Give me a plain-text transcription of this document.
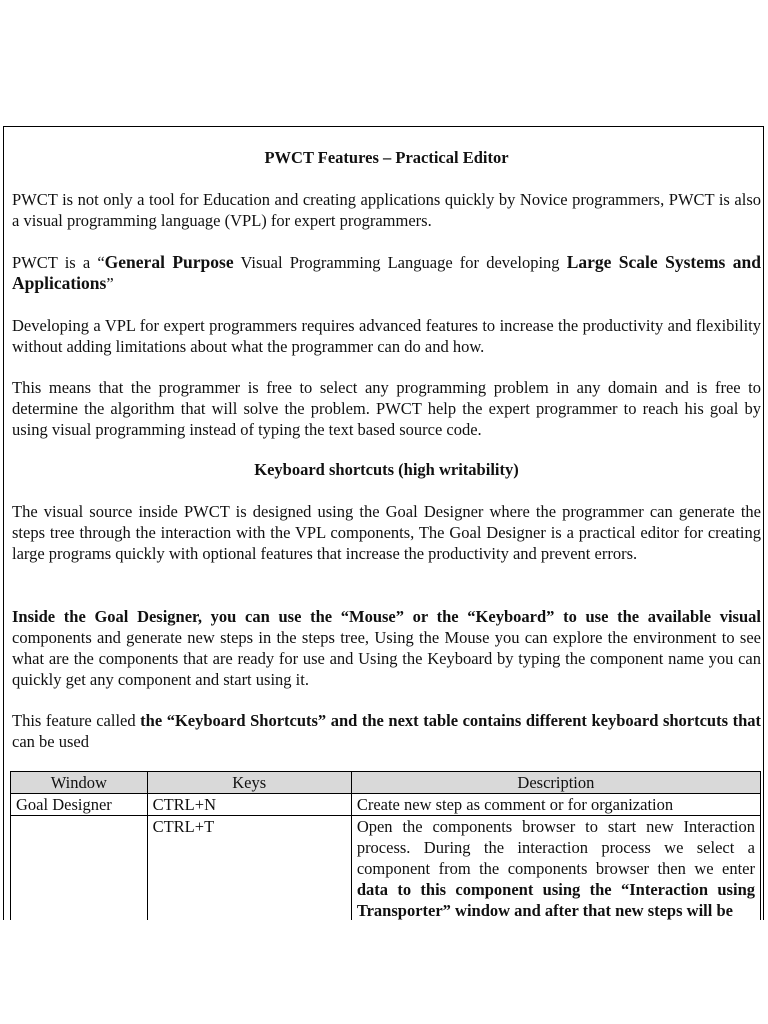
PWCT Features – Practical Editor

PWCT is not only a tool for Education and creating applications quickly by Novice programmers, PWCT is also a visual programming language (VPL) for expert programmers.

PWCT is a “General Purpose Visual Programming Language for developing Large Scale Systems and Applications”

Developing a VPL for expert programmers requires advanced features to increase the productivity and flexibility without adding limitations about what the programmer can do and how.

This means that the programmer is free to select any programming problem in any domain and is free to determine the algorithm that will solve the problem. PWCT help the expert programmer to reach his goal by using visual programming instead of typing the text based source code.

Keyboard shortcuts (high writability)

The visual source inside PWCT is designed using the Goal Designer where the programmer can generate the steps tree through the interaction with the VPL components, The Goal Designer is a practical editor for creating large programs quickly with optional features that increase the productivity and prevent errors.

Inside the Goal Designer, you can use the “Mouse” or the “Keyboard” to use the available visual components and generate new steps in the steps tree, Using the Mouse you can explore the environment to see what are the components that are ready for use and Using the Keyboard by typing the component name you can quickly get any component and start using it.

This feature called the “Keyboard Shortcuts” and the next table contains different keyboard shortcuts that can be used

Window	Keys	Description
Goal Designer	CTRL+N	Create new step as comment or for organization
	CTRL+T	Open the components browser to start new Interaction process. During the interaction process we select a component from the components browser then we enter data to this component using the “Interaction using Transporter” window and after that new steps will be
